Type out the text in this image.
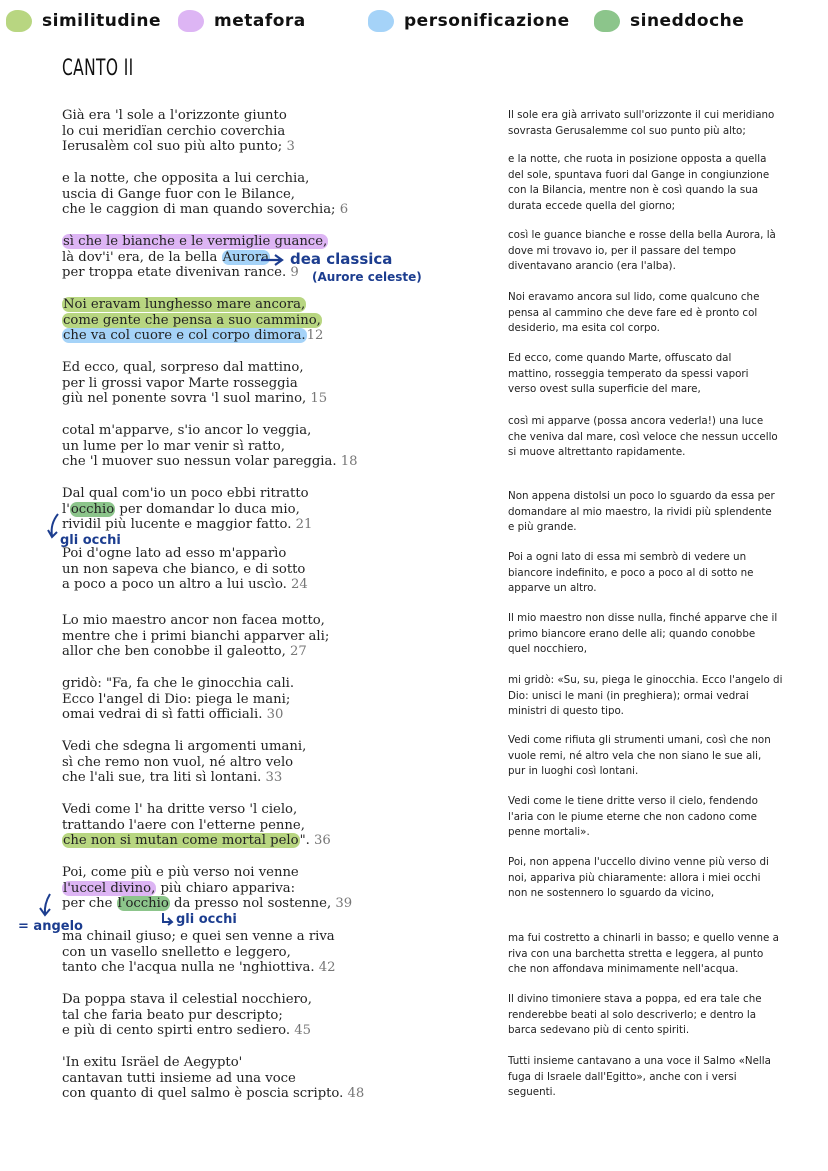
similitudine	metafora	personificazione	sineddoche
CANTO II
Già era 'l sole a l'orizzonte giunto
lo cui meridïan cerchio coverchia
Ierusalèm col suo più alto punto; 3
e la notte, che opposita a lui cerchia,
uscia di Gange fuor con le Bilance,
che le caggion di man quando soverchia; 6
sì che le bianche e le vermiglie guance,
là dov'i' era, de la bella Aurora
per troppa etate divenivan rance. 9
Noi eravam lunghesso mare ancora,
come gente che pensa a suo cammino,
che va col cuore e col corpo dimora.12
Ed ecco, qual, sorpreso dal mattino,
per li grossi vapor Marte rosseggia
giù nel ponente sovra 'l suol marino, 15
cotal m'apparve, s'io ancor lo veggia,
un lume per lo mar venir sì ratto,
che 'l muover suo nessun volar pareggia. 18
Dal qual com'io un poco ebbi ritratto
l'occhio per domandar lo duca mio,
rividil più lucente e maggior fatto. 21
Poi d'ogne lato ad esso m'apparìo
un non sapeva che bianco, e di sotto
a poco a poco un altro a lui uscìo. 24
Lo mio maestro ancor non facea motto,
mentre che i primi bianchi apparver ali;
allor che ben conobbe il galeotto, 27
gridò: "Fa, fa che le ginocchia cali.
Ecco l'angel di Dio: piega le mani;
omai vedrai di sì fatti officiali. 30
Vedi che sdegna li argomenti umani,
sì che remo non vuol, né altro velo
che l'ali sue, tra liti sì lontani. 33
Vedi come l' ha dritte verso 'l cielo,
trattando l'aere con l'etterne penne,
che non si mutan come mortal pelo". 36
Poi, come più e più verso noi venne
l'uccel divino, più chiaro appariva:
per che l'occhio da presso nol sostenne, 39
ma chinail giuso; e quei sen venne a riva
con un vasello snelletto e leggero,
tanto che l'acqua nulla ne 'nghiottiva. 42
Da poppa stava il celestial nocchiero,
tal che faria beato pur descripto;
e più di cento spirti entro sediero. 45
'In exitu Isräel de Aegypto'
cantavan tutti insieme ad una voce
con quanto di quel salmo è poscia scripto. 48
Il sole era già arrivato sull'orizzonte il cui meridiano
sovrasta Gerusalemme col suo punto più alto;
e la notte, che ruota in posizione opposta a quella
del sole, spuntava fuori dal Gange in congiunzione
con la Bilancia, mentre non è così quando la sua
durata eccede quella del giorno;
così le guance bianche e rosse della bella Aurora, là
dove mi trovavo io, per il passare del tempo
diventavano arancio (era l'alba).
Noi eravamo ancora sul lido, come qualcuno che
pensa al cammino che deve fare ed è pronto col
desiderio, ma esita col corpo.
Ed ecco, come quando Marte, offuscato dal
mattino, rosseggia temperato da spessi vapori
verso ovest sulla superficie del mare,
così mi apparve (possa ancora vederla!) una luce
che veniva dal mare, così veloce che nessun uccello
si muove altrettanto rapidamente.
Non appena distolsi un poco lo sguardo da essa per
domandare al mio maestro, la rividi più splendente
e più grande.
Poi a ogni lato di essa mi sembrò di vedere un
biancore indefinito, e poco a poco al di sotto ne
apparve un altro.
Il mio maestro non disse nulla, finché apparve che il
primo biancore erano delle ali; quando conobbe
quel nocchiero,
mi gridò: «Su, su, piega le ginocchia. Ecco l'angelo di
Dio: unisci le mani (in preghiera); ormai vedrai
ministri di questo tipo.
Vedi come rifiuta gli strumenti umani, così che non
vuole remi, né altro vela che non siano le sue ali,
pur in luoghi così lontani.
Vedi come le tiene dritte verso il cielo, fendendo
l'aria con le piume eterne che non cadono come
penne mortali».
Poi, non appena l'uccello divino venne più verso di
noi, appariva più chiaramente: allora i miei occhi
non ne sostennero lo sguardo da vicino,
ma fui costretto a chinarli in basso; e quello venne a
riva con una barchetta stretta e leggera, al punto
che non affondava minimamente nell'acqua.
Il divino timoniere stava a poppa, ed era tale che
renderebbe beati al solo descriverlo; e dentro la
barca sedevano più di cento spiriti.
Tutti insieme cantavano a una voce il Salmo «Nella
fuga di Israele dall'Egitto», anche con i versi
seguenti.
dea classica
(Aurore celeste)
gli occhi
= angelo	gli occhi
